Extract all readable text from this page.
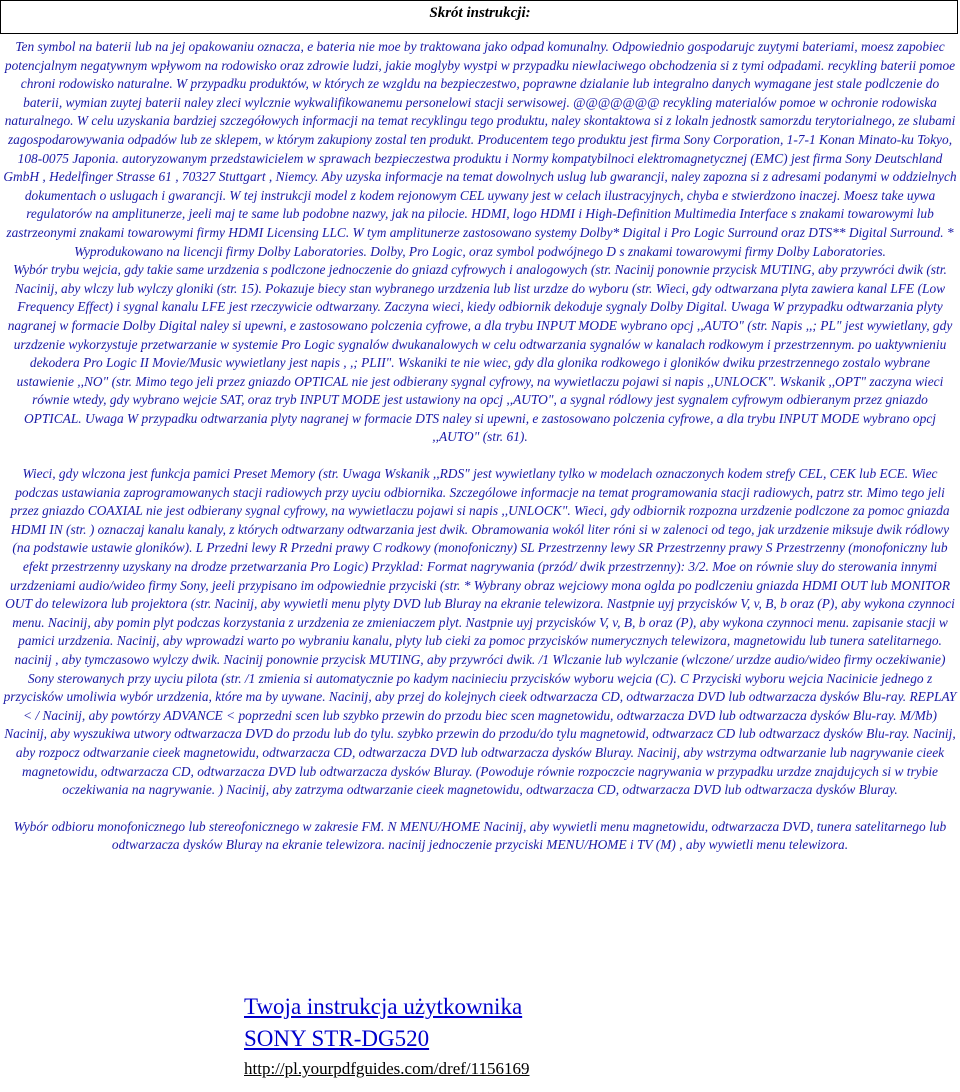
Skrót instrukcji:

Ten symbol na baterii lub na jej opakowaniu oznacza, e bateria nie moe by traktowana jako odpad komunalny. Odpowiednio gospodarujc zuytymi bateriami, moesz zapobiec potencjalnym negatywnym wpływom na rodowisko oraz zdrowie ludzi, jakie moglyby wystpi w przypadku niewlaciwego obchodzenia si z tymi odpadami. recykling baterii pomoe chroni rodowisko naturalne. W przypadku produktów, w których ze wzgldu na bezpieczestwo, poprawne dzialanie lub integralno danych wymagane jest stale podlczenie do baterii, wymian zuytej baterii naley zleci wylcznie wykwalifikowanemu personelowi stacji serwisowej. @@@@@@@ recykling materialów pomoe w ochronie rodowiska naturalnego. W celu uzyskania bardziej szczegółowych informacji na temat recyklingu tego produktu, naley skontaktowa si z lokaln jednostk samorzdu terytorialnego, ze slubami zagospodarowywania odpadów lub ze sklepem, w którym zakupiony zostal ten produkt. Producentem tego produktu jest firma Sony Corporation, 1-7-1 Konan Minato-ku Tokyo, 108-0075 Japonia. autoryzowanym przedstawicielem w sprawach bezpieczestwa produktu i Normy kompatybilnoci elektromagnetycznej (EMC) jest firma Sony Deutschland GmbH , Hedelfinger Strasse 61 , 70327 Stuttgart , Niemcy. Aby uzyska informacje na temat dowolnych uslug lub gwarancji, naley zapozna si z adresami podanymi w oddzielnych dokumentach o uslugach i gwarancji. W tej instrukcji model z kodem rejonowym CEL uywany jest w celach ilustracyjnych, chyba e stwierdzono inaczej. Moesz take uywa regulatorów na amplitunerze, jeeli maj te same lub podobne nazwy, jak na pilocie. HDMI, logo HDMI i High-Definition Multimedia Interface s znakami towarowymi lub zastrzeonymi znakami towarowymi firmy HDMI Licensing LLC. W tym amplitunerze zastosowano systemy Dolby* Digital i Pro Logic Surround oraz DTS** Digital Surround. * Wyprodukowano na licencji firmy Dolby Laboratories. Dolby, Pro Logic, oraz symbol podwójnego D s znakami towarowymi firmy Dolby Laboratories.

Wybór trybu wejcia, gdy takie same urzdzenia s podlczone jednoczenie do gniazd cyfrowych i analogowych (str. Nacinij ponownie przycisk MUTING, aby przywróci dwik (str. Nacinij, aby wlczy lub wylczy gloniki (str. 15). Pokazuje biecy stan wybranego urzdzenia lub list urzdze do wyboru (str. Wieci, gdy odtwarzana plyta zawiera kanal LFE (Low Frequency Effect) i sygnal kanalu LFE jest rzeczywicie odtwarzany. Zaczyna wieci, kiedy odbiornik dekoduje sygnaly Dolby Digital. Uwaga W przypadku odtwarzania plyty nagranej w formacie Dolby Digital naley si upewni, e zastosowano polczenia cyfrowe, a dla trybu INPUT MODE wybrano opcj ,,AUTO" (str. Napis ,,; PL" jest wywietlany, gdy urzdzenie wykorzystuje przetwarzanie w systemie Pro Logic sygnalów dwukanalowych w celu odtwarzania sygnalów w kanalach rodkowym i przestrzennym. po uaktywnieniu dekodera Pro Logic II Movie/Music wywietlany jest napis , ,; PLII". Wskaniki te nie wiec, gdy dla glonika rodkowego i gloników dwiku przestrzennego zostalo wybrane ustawienie ,,NO" (str. Mimo tego jeli przez gniazdo OPTICAL nie jest odbierany sygnal cyfrowy, na wywietlaczu pojawi si napis ,,UNLOCK". Wskanik ,,OPT" zaczyna wieci równie wtedy, gdy wybrano wejcie SAT, oraz tryb INPUT MODE jest ustawiony na opcj ,,AUTO", a sygnal ródlowy jest sygnalem cyfrowym odbieranym przez gniazdo OPTICAL. Uwaga W przypadku odtwarzania plyty nagranej w formacie DTS naley si upewni, e zastosowano polczenia cyfrowe, a dla trybu INPUT MODE wybrano opcj ,,AUTO" (str. 61).

Wieci, gdy wlczona jest funkcja pamici Preset Memory (str. Uwaga Wskanik ,,RDS" jest wywietlany tylko w modelach oznaczonych kodem strefy CEL, CEK lub ECE. Wiec podczas ustawiania zaprogramowanych stacji radiowych przy uyciu odbiornika. Szczególowe informacje na temat programowania stacji radiowych, patrz str. Mimo tego jeli przez gniazdo COAXIAL nie jest odbierany sygnal cyfrowy, na wywietlaczu pojawi si napis ,,UNLOCK". Wieci, gdy odbiornik rozpozna urzdzenie podlczone za pomoc gniazda HDMI IN (str. ) oznaczaj kanalu kanaly, z których odtwarzany odtwarzania jest dwik. Obramowania wokól liter róni si w zalenoci od tego, jak urzdzenie miksuje dwik ródlowy (na podstawie ustawie gloników). L Przedni lewy R Przedni prawy C rodkowy (monofoniczny) SL Przestrzenny lewy SR Przestrzenny prawy S Przestrzenny (monofoniczny lub efekt przestrzenny uzyskany na drodze przetwarzania Pro Logic) Przyklad: Format nagrywania (przód/ dwik przestrzenny): 3/2. Moe on równie sluy do sterowania innymi urzdzeniami audio/wideo firmy Sony, jeeli przypisano im odpowiednie przyciski (str. * Wybrany obraz wejciowy mona oglda po podlczeniu gniazda HDMI OUT lub MONITOR OUT do telewizora lub projektora (str. Nacinij, aby wywietli menu plyty DVD lub Bluray na ekranie telewizora. Nastpnie uyj przycisków V, v, B, b oraz (P), aby wykona czynnoci menu. Nacinij, aby pomin plyt podczas korzystania z urzdzenia ze zmieniaczem plyt. Nastpnie uyj przycisków V, v, B, b oraz (P), aby wykona czynnoci menu. zapisanie stacji w pamici urzdzenia. Nacinij, aby wprowadzi warto po wybraniu kanalu, plyty lub cieki za pomoc przycisków numerycznych telewizora, magnetowidu lub tunera satelitarnego. nacinij , aby tymczasowo wylczy dwik. Nacinij ponownie przycisk MUTING, aby przywróci dwik. /1 Wlczanie lub wylczanie (wlczone/ urzdze audio/wideo firmy oczekiwanie) Sony sterowanych przy uyciu pilota (str. /1 zmienia si automatycznie po kadym nacinieciu przycisków wyboru wejcia (C). C Przyciski wyboru wejcia Nacinicie jednego z przycisków umoliwia wybór urzdzenia, które ma by uywane. Nacinij, aby przej do kolejnych cieek odtwarzacza CD, odtwarzacza DVD lub odtwarzacza dysków Blu-ray. REPLAY < / Nacinij, aby powtórzy ADVANCE < poprzedni scen lub szybko przewin do przodu biec scen magnetowidu, odtwarzacza DVD lub odtwarzacza dysków Blu-ray. M/Mb) Nacinij, aby wyszukiwa utwory odtwarzacza DVD do przodu lub do tylu. szybko przewin do przodu/do tylu magnetowid, odtwarzacz CD lub odtwarzacz dysków Blu-ray. Nacinij, aby rozpocz odtwarzanie cieek magnetowidu, odtwarzacza CD, odtwarzacza DVD lub odtwarzacza dysków Bluray. Nacinij, aby wstrzyma odtwarzanie lub nagrywanie cieek magnetowidu, odtwarzacza CD, odtwarzacza DVD lub odtwarzacza dysków Bluray. (Powoduje równie rozpoczcie nagrywania w przypadku urzdze znajdujcych si w trybie oczekiwania na nagrywanie. ) Nacinij, aby zatrzyma odtwarzanie cieek magnetowidu, odtwarzacza CD, odtwarzacza DVD lub odtwarzacza dysków Bluray.

Wybór odbioru monofonicznego lub stereofonicznego w zakresie FM. N MENU/HOME Nacinij, aby wywietli menu magnetowidu, odtwarzacza DVD, tunera satelitarnego lub odtwarzacza dysków Bluray na ekranie telewizora. nacinij jednoczenie przyciski MENU/HOME i TV (M) , aby wywietli menu telewizora.

Twoja instrukcja użytkownika
SONY STR-DG520
http://pl.yourpdfguides.com/dref/1156169
